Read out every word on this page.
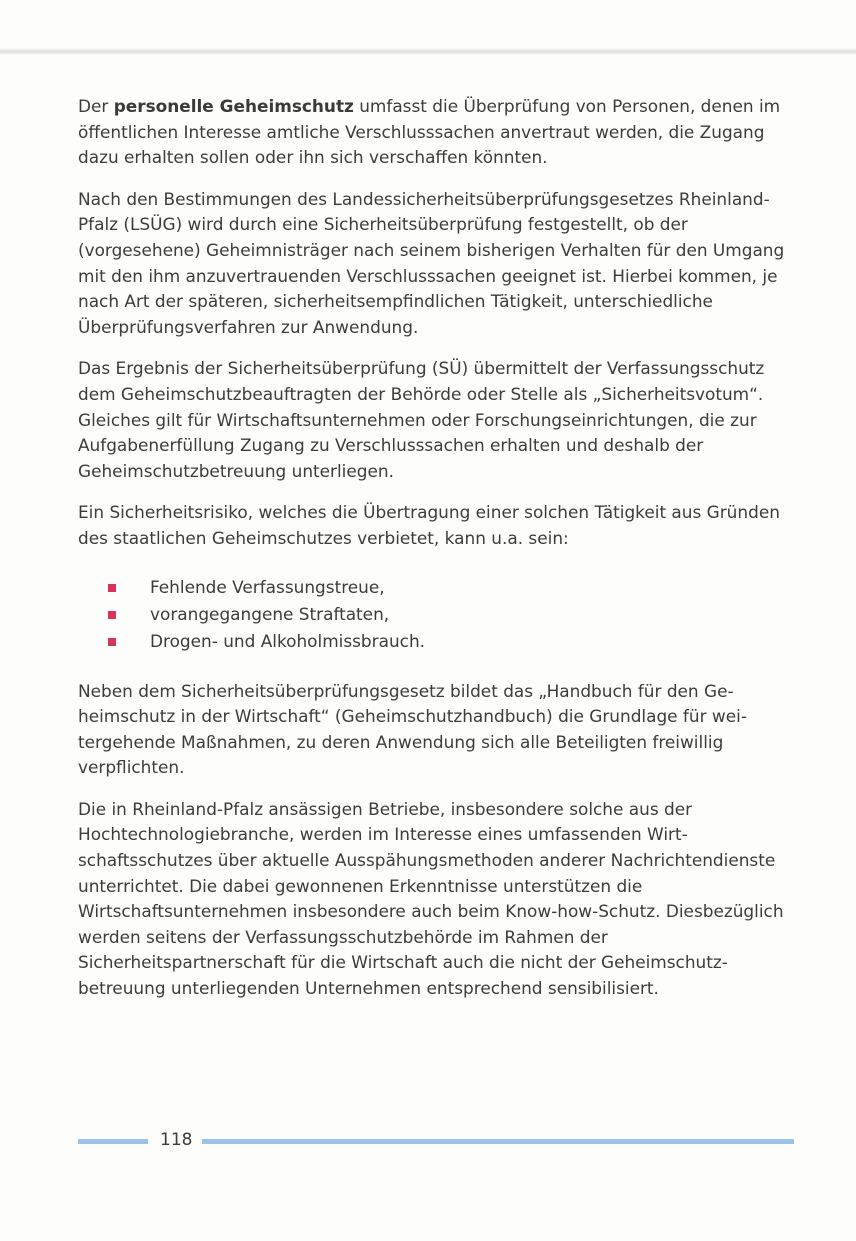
Der personelle Geheimschutz umfasst die Überprüfung von Personen, denen im öffentlichen Interesse amtliche Verschlusssachen anvertraut werden, die Zugang dazu erhalten sollen oder ihn sich verschaffen könnten.

Nach den Bestimmungen des Landessicherheitsüberprüfungsgesetzes Rheinland-Pfalz (LSÜG) wird durch eine Sicherheitsüberprüfung festgestellt, ob der (vorgesehene) Geheimnisträger nach seinem bisherigen Verhalten für den Umgang mit den ihm anzuvertrauenden Verschlusssachen geeignet ist. Hierbei kommen, je nach Art der späteren, sicherheitsempfindlichen Tätigkeit, unterschiedliche Überprüfungsverfahren zur Anwendung.

Das Ergebnis der Sicherheitsüberprüfung (SÜ) übermittelt der Verfassungsschutz dem Geheimschutzbeauftragten der Behörde oder Stelle als „Sicherheitsvotum“. Gleiches gilt für Wirtschaftsunternehmen oder Forschungseinrichtungen, die zur Aufgabenerfüllung Zugang zu Verschlusssachen erhalten und deshalb der Geheimschutzbetreuung unterliegen.

Ein Sicherheitsrisiko, welches die Übertragung einer solchen Tätigkeit aus Gründen des staatlichen Geheimschutzes verbietet, kann u.a. sein:

Fehlende Verfassungstreue,
vorangegangene Straftaten,
Drogen- und Alkoholmissbrauch.

Neben dem Sicherheitsüberprüfungsgesetz bildet das „Handbuch für den Geheimschutz in der Wirtschaft“ (Geheimschutzhandbuch) die Grundlage für weitergehende Maßnahmen, zu deren Anwendung sich alle Beteiligten freiwillig verpflichten.

Die in Rheinland-Pfalz ansässigen Betriebe, insbesondere solche aus der Hochtechnologiebranche, werden im Interesse eines umfassenden Wirtschaftsschutzes über aktuelle Ausspähungsmethoden anderer Nachrichtendienste unterrichtet. Die dabei gewonnenen Erkenntnisse unterstützen die Wirtschaftsunternehmen insbesondere auch beim Know-how-Schutz. Diesbezüglich werden seitens der Verfassungsschutzbehörde im Rahmen der Sicherheitspartnerschaft für die Wirtschaft auch die nicht der Geheimschutzbetreuung unterliegenden Unternehmen entsprechend sensibilisiert.

118
